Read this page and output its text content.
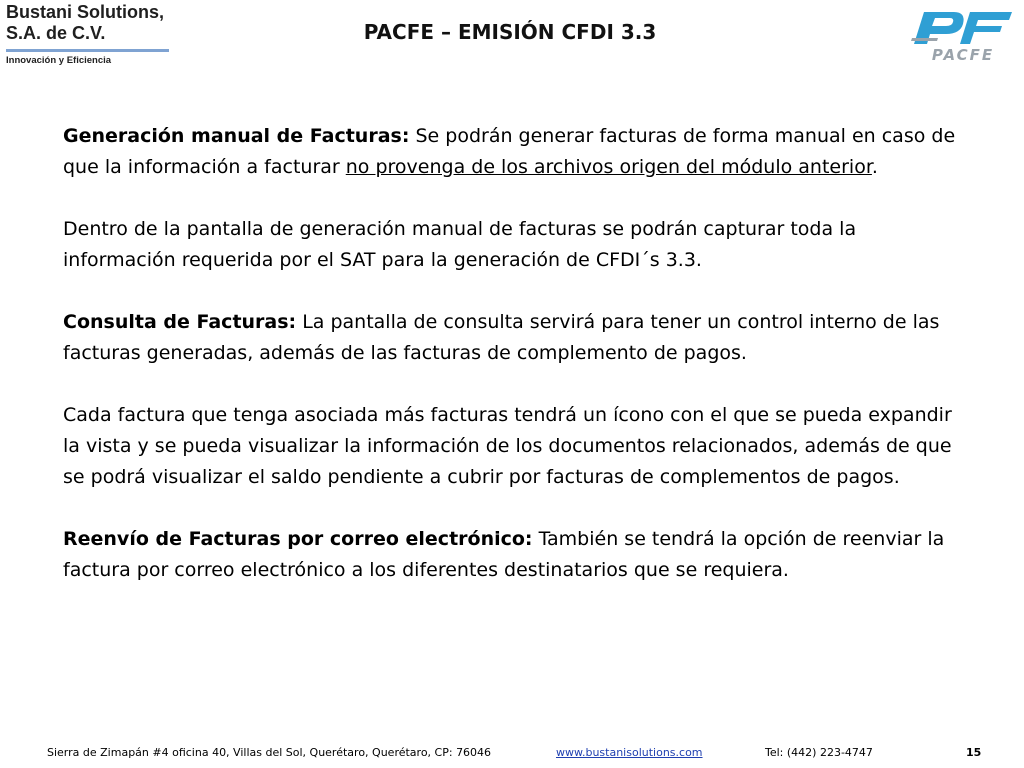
Bustani Solutions,
S.A. de C.V.
Innovación y Eficiencia
PACFE – EMISIÓN CFDI 3.3
PACFE

Generación manual de Facturas: Se podrán generar facturas de forma manual en caso de que la información a facturar no provenga de los archivos origen del módulo anterior.

Dentro de la pantalla de generación manual de facturas se podrán capturar toda la información requerida por el SAT para la generación de CFDI´s 3.3.

Consulta de Facturas: La pantalla de consulta servirá para tener un control interno de las facturas generadas, además de las facturas de complemento de pagos.

Cada factura que tenga asociada más facturas tendrá un ícono con el que se pueda expandir la vista y se pueda visualizar la información de los documentos relacionados, además de que se podrá visualizar el saldo pendiente a cubrir por facturas de complementos de pagos.

Reenvío de Facturas por correo electrónico: También se tendrá la opción de reenviar la factura por correo electrónico a los diferentes destinatarios que se requiera.

Sierra de Zimapán #4 oficina 40, Villas del Sol, Querétaro, Querétaro, CP: 76046	www.bustanisolutions.com	Tel: (442) 223-4747	15
